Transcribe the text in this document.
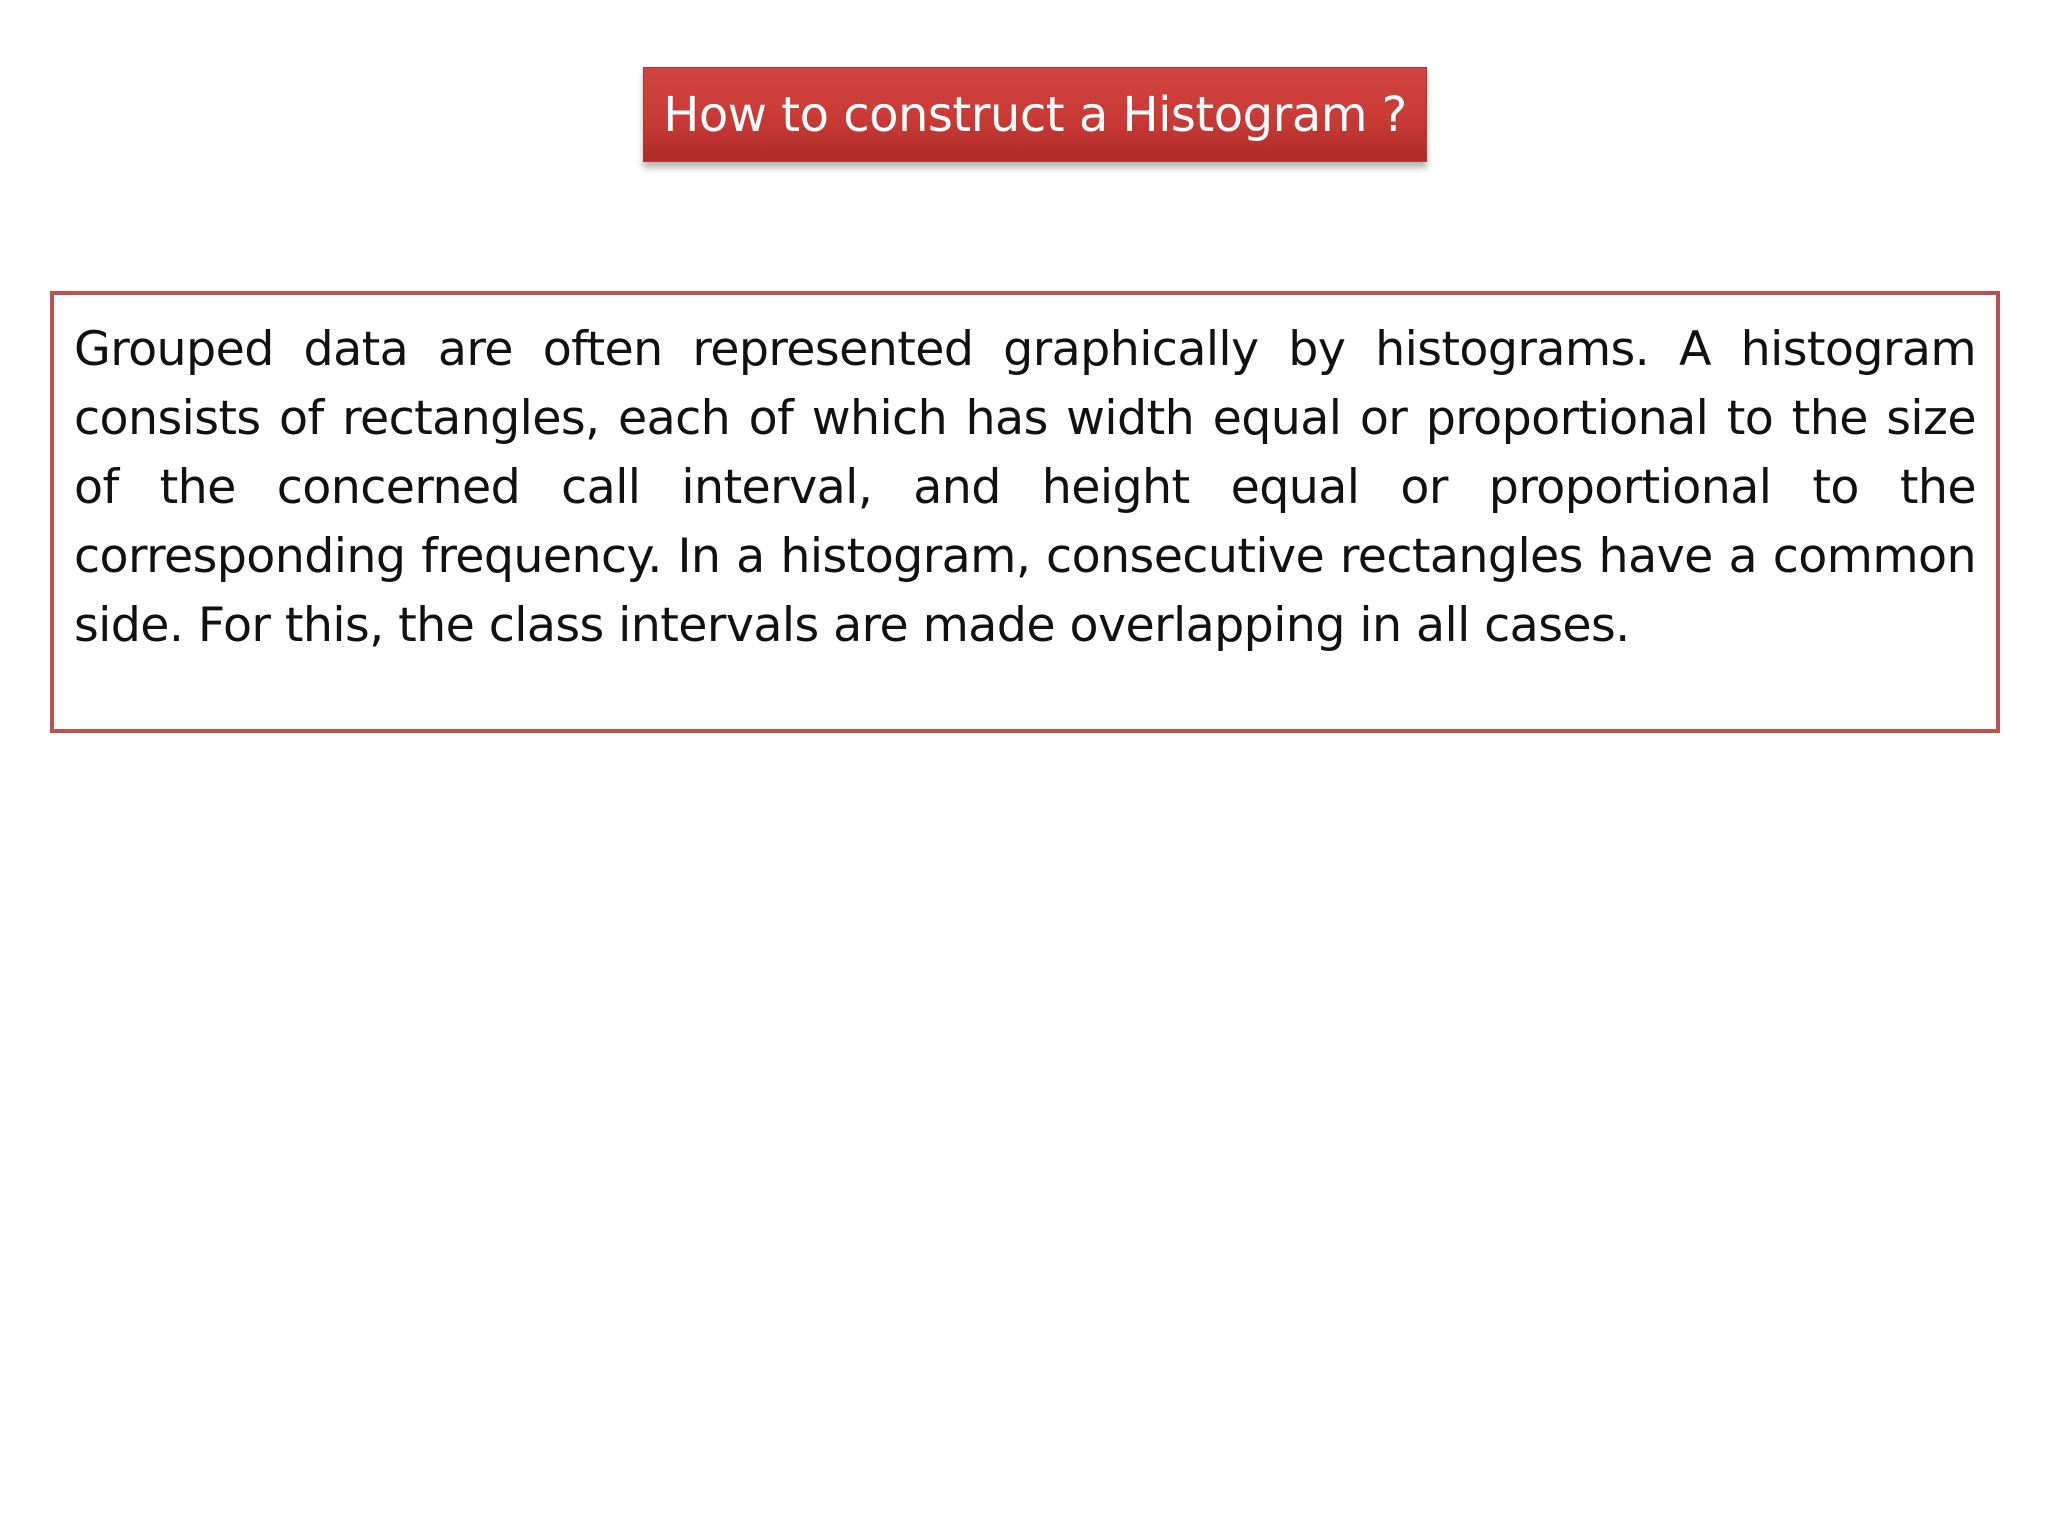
How to construct a Histogram ?

Grouped data are often represented graphically by histograms. A histogram consists of rectangles, each of which has width equal or proportional to the size of the concerned call interval, and height equal or proportional to the corresponding frequency. In a histogram, consecutive rectangles have a common side. For this, the class intervals are made overlapping in all cases.
